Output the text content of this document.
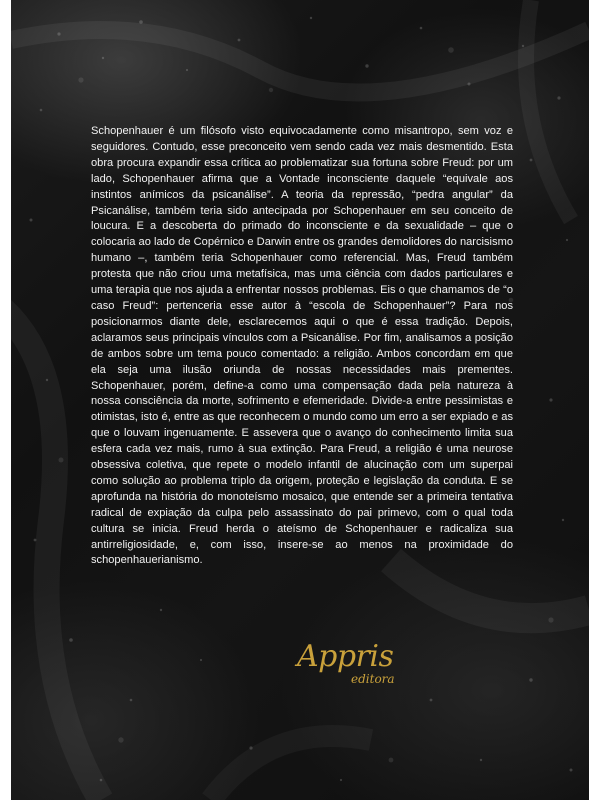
Schopenhauer é um filósofo visto equivocadamente como misantropo, sem voz e seguidores. Contudo, esse preconceito vem sendo cada vez mais desmentido. Esta obra procura expandir essa crítica ao problematizar sua fortuna sobre Freud: por um lado, Schopenhauer afirma que a Vontade inconsciente daquele “equivale aos instintos anímicos da psicanálise”. A teoria da repressão, “pedra angular” da Psicanálise, também teria sido antecipada por Schopenhauer em seu conceito de loucura. E a descoberta do primado do inconsciente e da sexualidade – que o colocaria ao lado de Copérnico e Darwin entre os grandes demolidores do narcisismo humano –, também teria Schopenhauer como referencial. Mas, Freud também protesta que não criou uma metafísica, mas uma ciência com dados particulares e uma terapia que nos ajuda a enfrentar nossos problemas. Eis o que chamamos de “o caso Freud”: pertenceria esse autor à “escola de Schopenhauer”? Para nos posicionarmos diante dele, esclarecemos aqui o que é essa tradição. Depois, aclaramos seus principais vínculos com a Psicanálise. Por fim, analisamos a posição de ambos sobre um tema pouco comentado: a religião. Ambos concordam em que ela seja uma ilusão oriunda de nossas necessidades mais prementes. Schopenhauer, porém, define-a como uma compensação dada pela natureza à nossa consciência da morte, sofrimento e efemeridade. Divide-a entre pessimistas e otimistas, isto é, entre as que reconhecem o mundo como um erro a ser expiado e as que o louvam ingenuamente. E assevera que o avanço do conhecimento limita sua esfera cada vez mais, rumo à sua extinção. Para Freud, a religião é uma neurose obsessiva coletiva, que repete o modelo infantil de alucinação com um superpai como solução ao problema triplo da origem, proteção e legislação da conduta. E se aprofunda na história do monoteísmo mosaico, que entende ser a primeira tentativa radical de expiação da culpa pelo assassinato do pai primevo, com o qual toda cultura se inicia. Freud herda o ateísmo de Schopenhauer e radicaliza sua antirreligiosidade, e, com isso, insere-se ao menos na proximidade do schopenhauerianismo.

Appris
editora
